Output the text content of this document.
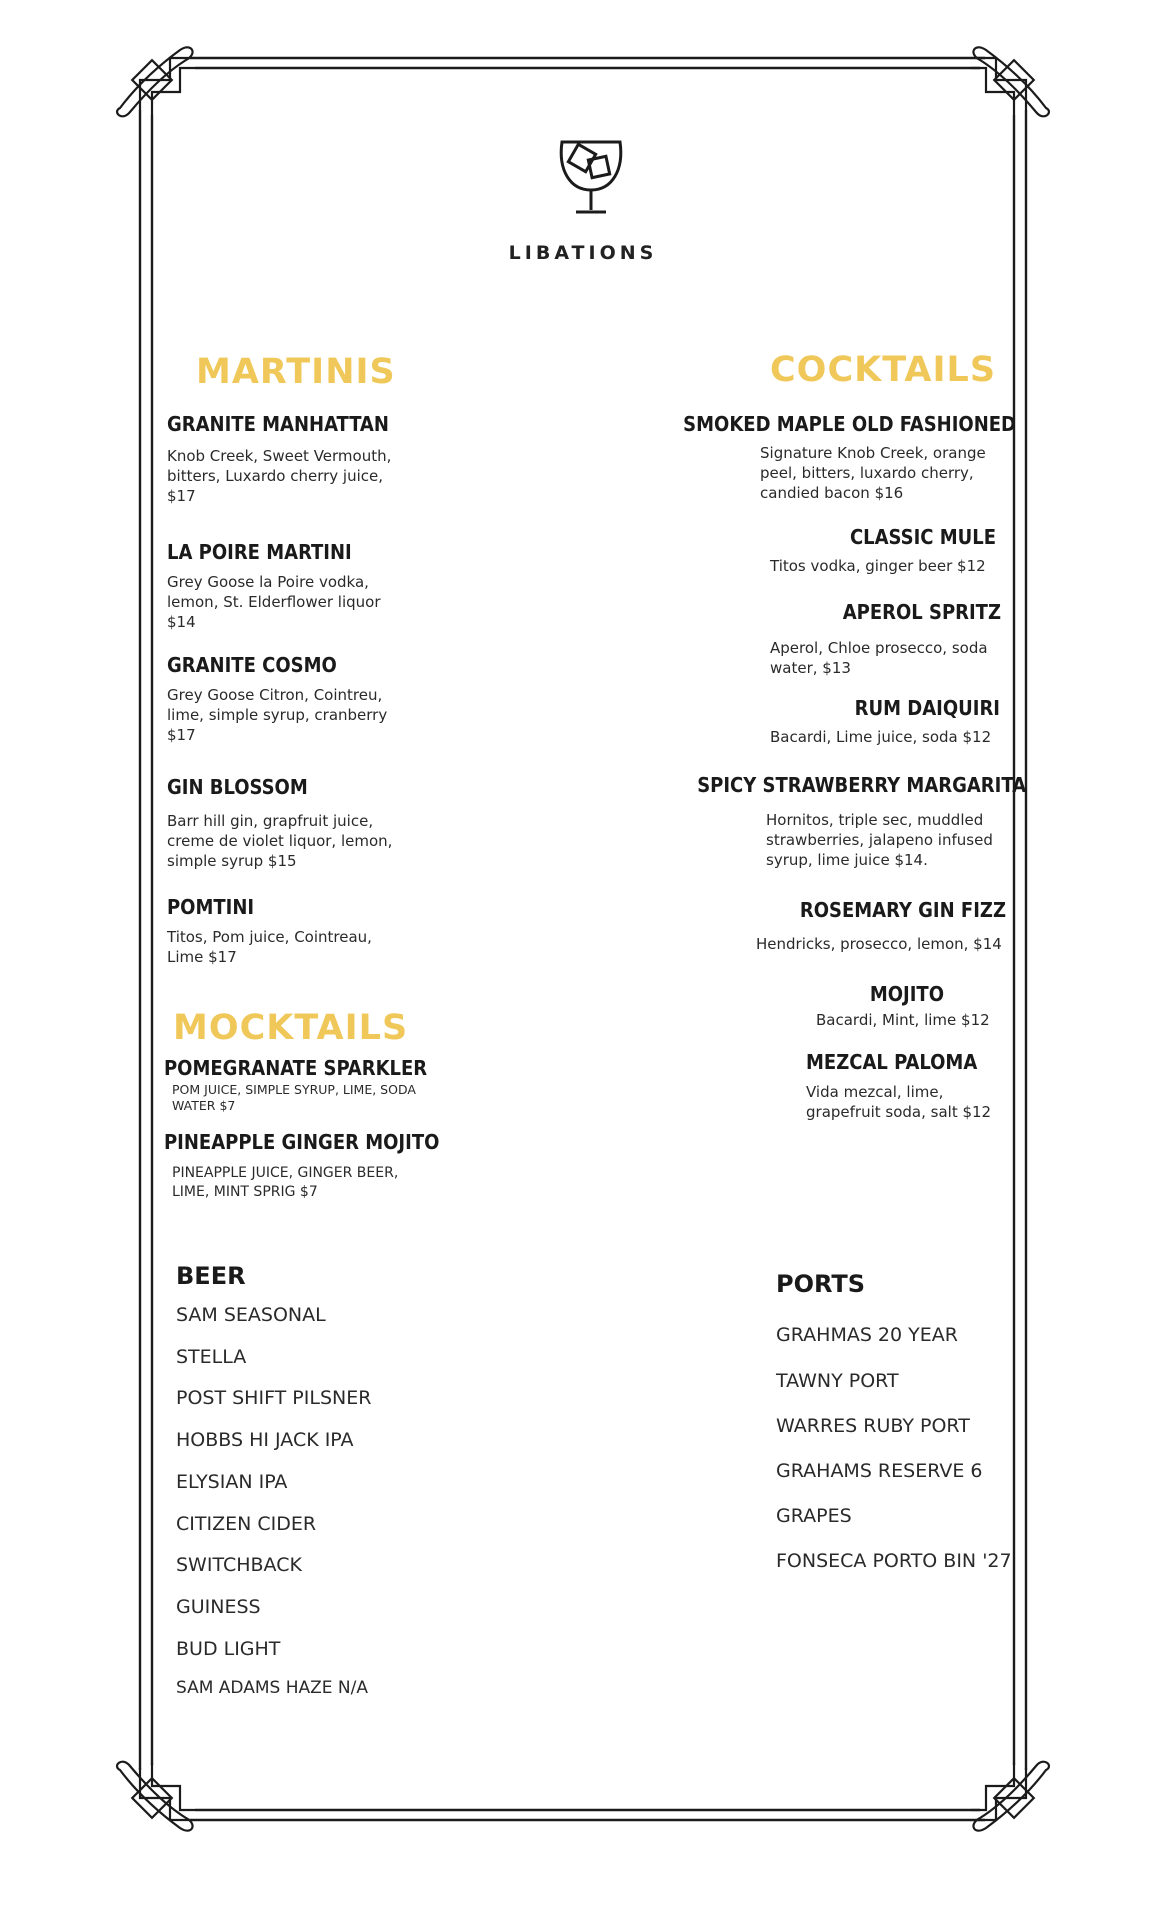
LIBATIONS
MARTINIS
GRANITE MANHATTAN
Knob Creek, Sweet Vermouth,
bitters, Luxardo cherry juice,
$17
LA POIRE MARTINI
Grey Goose la Poire vodka,
lemon, St. Elderflower liquor
$14
GRANITE COSMO
Grey Goose Citron, Cointreu,
lime, simple syrup, cranberry
$17
GIN BLOSSOM
Barr hill gin, grapfruit juice,
creme de violet liquor, lemon,
simple syrup $15
POMTINI
Titos, Pom juice, Cointreau,
Lime $17
MOCKTAILS
POMEGRANATE SPARKLER
POM JUICE, SIMPLE SYRUP, LIME, SODA
WATER $7
PINEAPPLE GINGER MOJITO
PINEAPPLE JUICE, GINGER BEER,
LIME, MINT SPRIG $7
COCKTAILS
SMOKED MAPLE OLD FASHIONED
Signature Knob Creek, orange
peel, bitters, luxardo cherry,
candied bacon $16
CLASSIC MULE
Titos vodka, ginger beer $12
APEROL SPRITZ
Aperol, Chloe prosecco, soda
water, $13
RUM DAIQUIRI
Bacardi, Lime juice, soda $12
SPICY STRAWBERRY MARGARITA
Hornitos, triple sec, muddled
strawberries, jalapeno infused
syrup, lime juice $14.
ROSEMARY GIN FIZZ
Hendricks, prosecco, lemon, $14
MOJITO
Bacardi, Mint, lime $12
MEZCAL PALOMA
Vida mezcal, lime,
grapefruit soda, salt $12
BEER
SAM SEASONAL
STELLA
POST SHIFT PILSNER
HOBBS HI JACK IPA
ELYSIAN IPA
CITIZEN CIDER
SWITCHBACK
GUINESS
BUD LIGHT
SAM ADAMS HAZE N/A
PORTS
GRAHMAS 20 YEAR
TAWNY PORT
WARRES RUBY PORT
GRAHAMS RESERVE 6
GRAPES
FONSECA PORTO BIN '27
